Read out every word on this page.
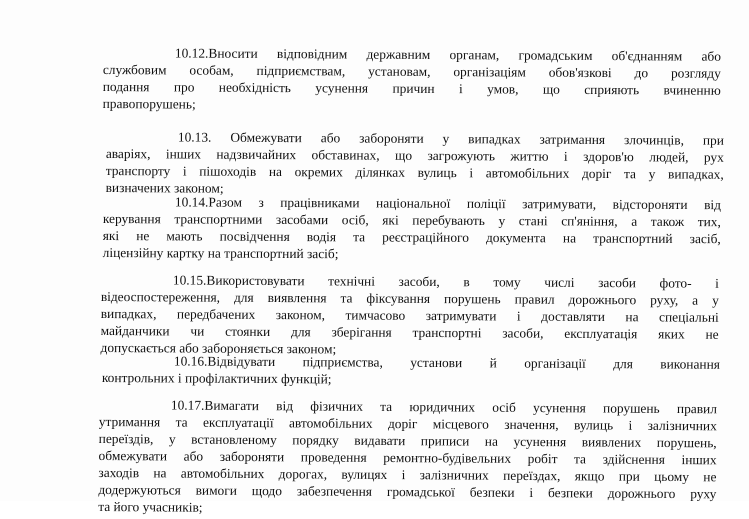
10.12.Вносити відповідним державним органам, громадським об'єднанням або
службовим особам, підприємствам, установам, організаціям обов'язкові до розгляду
подання про необхідність усунення причин і умов, що сприяють вчиненню
правопорушень;
10.13. Обмежувати або забороняти у випадках затримання злочинців, при
аваріях, інших надзвичайних обставинах, що загрожують життю і здоров'ю людей, рух
транспорту і пішоходів на окремих ділянках вулиць і автомобільних доріг та у випадках,
визначених законом;
10.14.Разом з працівниками національної поліції затримувати, відстороняти від
керування транспортними засобами осіб, які перебувають у стані сп'яніння, а також тих,
які не мають посвідчення водія та реєстраційного документа на транспортний засіб,
ліцензійну картку на транспортний засіб;
10.15.Використовувати технічні засоби, в тому числі засоби фото- і
відеоспостереження, для виявлення та фіксування порушень правил дорожнього руху, а у
випадках, передбачених законом, тимчасово затримувати і доставляти на спеціальні
майданчики чи стоянки для зберігання транспортні засоби, експлуатація яких не
допускається або забороняється законом;
10.16.Відвідувати підприємства, установи й організації для виконання
контрольних і профілактичних функцій;
10.17.Вимагати від фізичних та юридичних осіб усунення порушень правил
утримання та експлуатації автомобільних доріг місцевого значення, вулиць і залізничних
переїздів, у встановленому порядку видавати приписи на усунення виявлених порушень,
обмежувати або забороняти проведення ремонтно-будівельних робіт та здійснення інших
заходів на автомобільних дорогах, вулицях і залізничних переїздах, якщо при цьому не
додержуються вимоги щодо забезпечення громадської безпеки і безпеки дорожнього руху
та його учасників;
